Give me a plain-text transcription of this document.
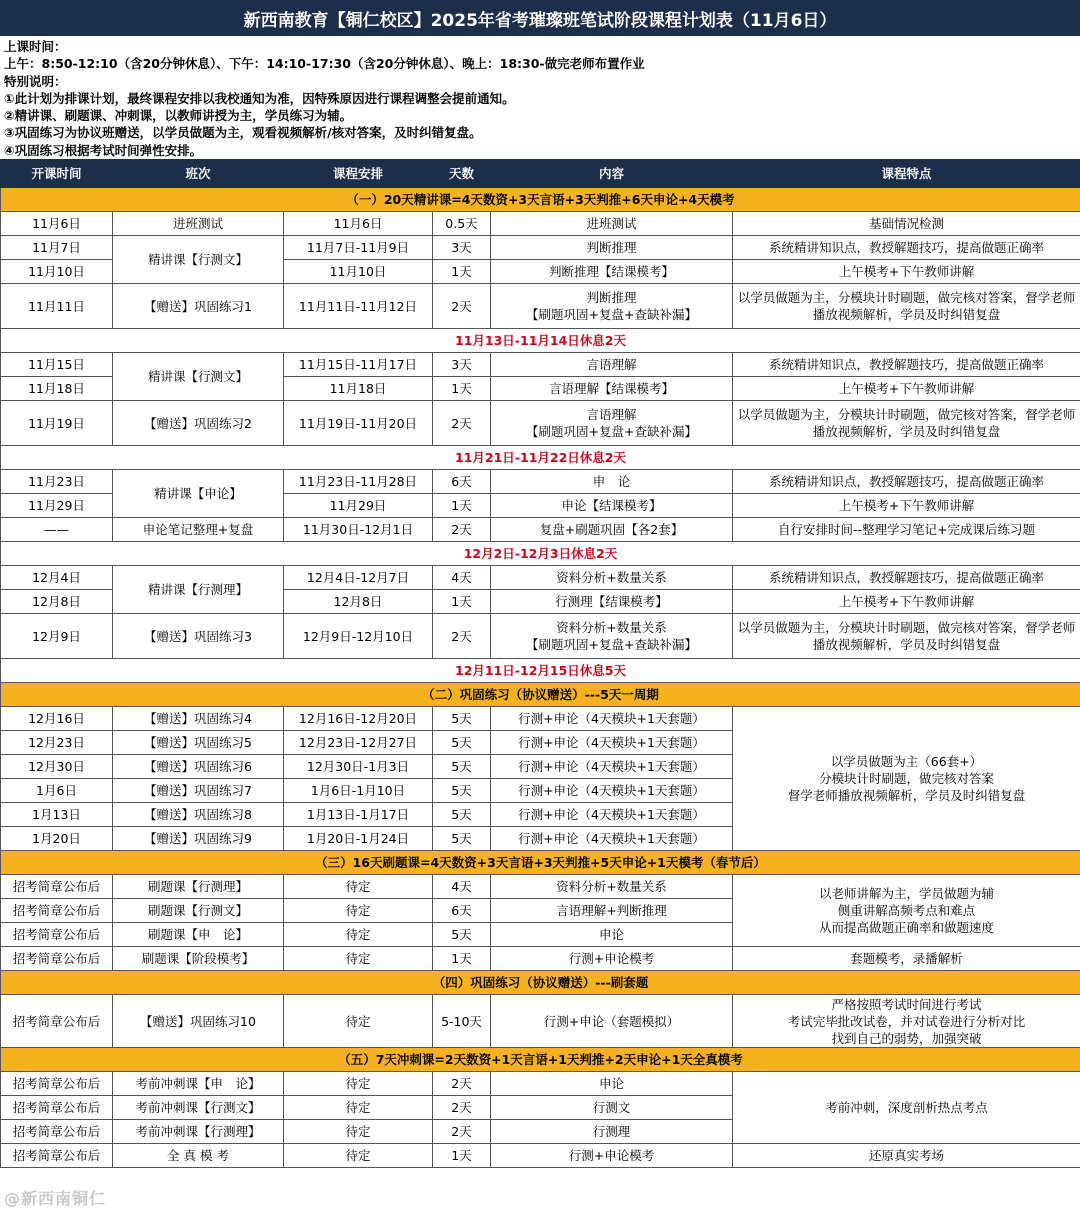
新西南教育【铜仁校区】2025年省考璀璨班笔试阶段课程计划表（11月6日）
上课时间：
上午：8:50-12:10（含20分钟休息）、下午：14:10-17:30（含20分钟休息）、晚上：18:30-做完老师布置作业
特别说明：
①此计划为排课计划，最终课程安排以我校通知为准，因特殊原因进行课程调整会提前通知。
②精讲课、刷题课、冲刺课，以教师讲授为主，学员练习为辅。
③巩固练习为协议班赠送，以学员做题为主，观看视频解析/核对答案，及时纠错复盘。
④巩固练习根据考试时间弹性安排。
开课时间	班次	课程安排	天数	内容	课程特点
（一）20天精讲课=4天数资+3天言语+3天判推+6天申论+4天模考					
11月6日	进班测试	11月6日	0.5天	进班测试	基础情况检测
11月7日	精讲课【行测文】	11月7日-11月9日	3天	判断推理	系统精讲知识点，教授解题技巧，提高做题正确率
11月10日		11月10日	1天	判断推理【结课模考】	上午模考+下午教师讲解
11月11日	【赠送】巩固练习1	11月11日-11月12日	2天	判断推理
【刷题巩固+复盘+查缺补漏】	以学员做题为主，分模块计时刷题，做完核对答案，督学老师播放视频解析，学员及时纠错复盘
11月13日-11月14日休息2天					
11月15日	精讲课【行测文】	11月15日-11月17日	3天	言语理解	系统精讲知识点，教授解题技巧，提高做题正确率
11月18日		11月18日	1天	言语理解【结课模考】	上午模考+下午教师讲解
11月19日	【赠送】巩固练习2	11月19日-11月20日	2天	言语理解
【刷题巩固+复盘+查缺补漏】	以学员做题为主，分模块计时刷题，做完核对答案，督学老师播放视频解析，学员及时纠错复盘
11月21日-11月22日休息2天					
11月23日	精讲课【申论】	11月23日-11月28日	6天	申　论	系统精讲知识点，教授解题技巧，提高做题正确率
11月29日		11月29日	1天	申论【结课模考】	上午模考+下午教师讲解
——	申论笔记整理+复盘	11月30日-12月1日	2天	复盘+刷题巩固【各2套】	自行安排时间--整理学习笔记+完成课后练习题
12月2日-12月3日休息2天					
12月4日	精讲课【行测理】	12月4日-12月7日	4天	资料分析+数量关系	系统精讲知识点，教授解题技巧，提高做题正确率
12月8日		12月8日	1天	行测理【结课模考】	上午模考+下午教师讲解
12月9日	【赠送】巩固练习3	12月9日-12月10日	2天	资料分析+数量关系
【刷题巩固+复盘+查缺补漏】	以学员做题为主，分模块计时刷题，做完核对答案，督学老师播放视频解析，学员及时纠错复盘
12月11日-12月15日休息5天					
（二）巩固练习（协议赠送）---5天一周期					
12月16日	【赠送】巩固练习4	12月16日-12月20日	5天	行测+申论（4天模块+1天套题）	以学员做题为主（66套+）
分模块计时刷题，做完核对答案
督学老师播放视频解析，学员及时纠错复盘

12月23日	【赠送】巩固练习5	12月23日-12月27日	5天	行测+申论（4天模块+1天套题）	
12月30日	【赠送】巩固练习6	12月30日-1月3日	5天	行测+申论（4天模块+1天套题）	
1月6日	【赠送】巩固练习7	1月6日-1月10日	5天	行测+申论（4天模块+1天套题）	
1月13日	【赠送】巩固练习8	1月13日-1月17日	5天	行测+申论（4天模块+1天套题）	
1月20日	【赠送】巩固练习9	1月20日-1月24日	5天	行测+申论（4天模块+1天套题）	
（三）16天刷题课=4天数资+3天言语+3天判推+5天申论+1天模考（春节后）					
招考简章公布后	刷题课【行测理】	待定	4天	资料分析+数量关系	以老师讲解为主，学员做题为辅
侧重讲解高频考点和难点
从而提高做题正确率和做题速度

招考简章公布后	刷题课【行测文】	待定	6天	言语理解+判断推理	
招考简章公布后	刷题课【申　论】	待定	5天	申论	
招考简章公布后	刷题课【阶段模考】	待定	1天	行测+申论模考	套题模考，录播解析
（四）巩固练习（协议赠送）---刷套题					
招考简章公布后	【赠送】巩固练习10	待定	5-10天	行测+申论（套题模拟）	严格按照考试时间进行考试
考试完毕批改试卷，并对试卷进行分析对比
找到自己的弱势，加强突破

（五）7天冲刺课=2天数资+1天言语+1天判推+2天申论+1天全真模考					
招考简章公布后	考前冲刺课【申　论】	待定	2天	申论	考前冲刺，深度剖析热点考点
招考简章公布后	考前冲刺课【行测文】	待定	2天	行测文	
招考简章公布后	考前冲刺课【行测理】	待定	2天	行测理	
招考简章公布后	全 真 模 考	待定	1天	行测+申论模考	还原真实考场
@新西南铜仁
